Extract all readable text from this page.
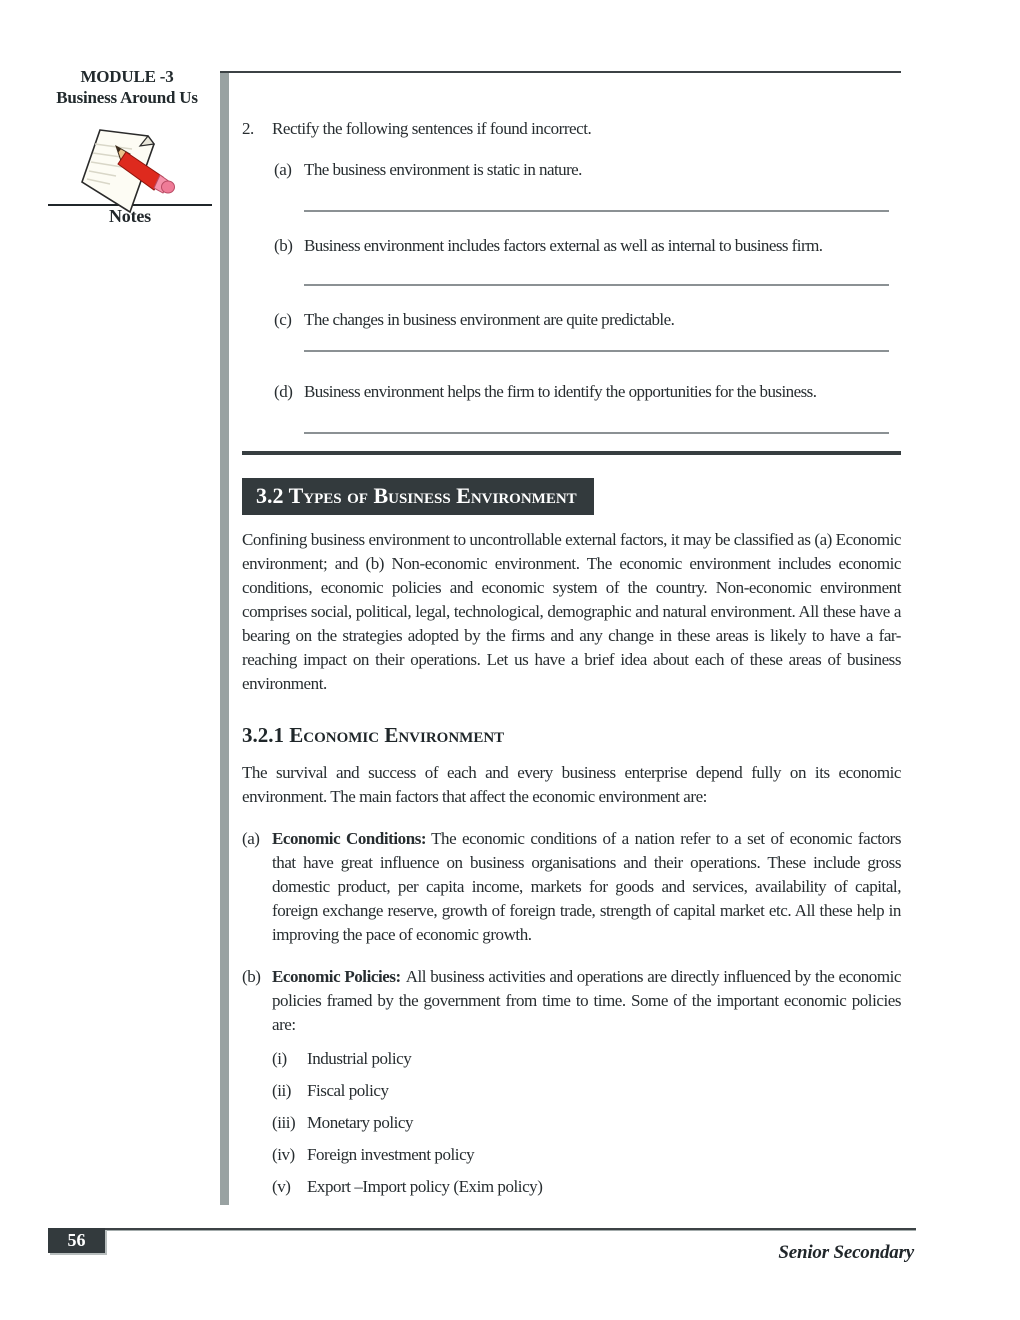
MODULE -3
Business Around Us
Notes
2.	Rectify the following sentences if found incorrect.
(a) The business environment is static in nature.
(b) Business environment includes factors external as well as internal to business firm.
(c) The changes in business environment are quite predictable.
(d) Business environment helps the firm to identify the opportunities for the business.
3.2 Types of Business Environment
Confining business environment to uncontrollable external factors, it may be classified as (a) Economic environment; and (b) Non-economic environment. The economic environment includes economic conditions, economic policies and economic system of the country. Non-economic environment comprises social, political, legal, technological, demographic and natural environment. All these have a bearing on the strategies adopted by the firms and any change in these areas is likely to have a far-reaching impact on their operations. Let us have a brief idea about each of these areas of business environment.
3.2.1 Economic Environment
The survival and success of each and every business enterprise depend fully on its economic environment. The main factors that affect the economic environment are:
(a) Economic Conditions: The economic conditions of a nation refer to a set of economic factors that have great influence on business organisations and their operations. These include gross domestic product, per capita income, markets for goods and services, availability of capital, foreign exchange reserve, growth of foreign trade, strength of capital market etc. All these help in improving the pace of economic growth.
(b) Economic Policies: All business activities and operations are directly influenced by the economic policies framed by the government from time to time. Some of the important economic policies are:
(i)	Industrial policy
(ii) Fiscal policy
(iii) Monetary policy
(iv) Foreign investment policy
(v) Export –Import policy (Exim policy)
56
Senior Secondary
